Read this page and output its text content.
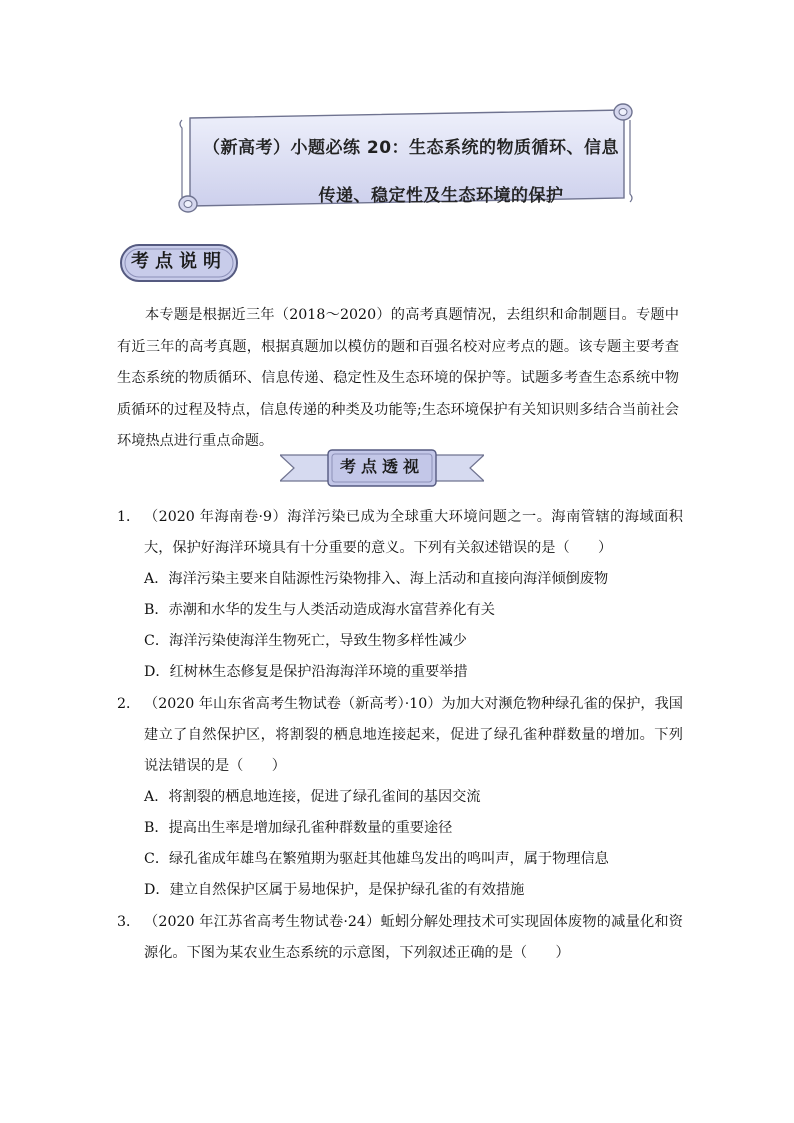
（新高考）小题必练 20：生态系统的物质循环、信息
传递、稳定性及生态环境的保护
考点说明

本专题是根据近三年（2018～2020）的高考真题情况，去组织和命制题目。专题中有近三年的高考真题，根据真题加以模仿的题和百强名校对应考点的题。该专题主要考查生态系统的物质循环、信息传递、稳定性及生态环境的保护等。试题多考查生态系统中物质循环的过程及特点，信息传递的种类及功能等;生态环境保护有关知识则多结合当前社会环境热点进行重点命题。

考点透视
1． （2020 年海南卷·9）海洋污染已成为全球重大环境问题之一。海南管辖的海域面积大，保护好海洋环境具有十分重要的意义。下列有关叙述错误的是（　　）
A．海洋污染主要来自陆源性污染物排入、海上活动和直接向海洋倾倒废物
B．赤潮和水华的发生与人类活动造成海水富营养化有关
C．海洋污染使海洋生物死亡，导致生物多样性减少
D．红树林生态修复是保护沿海海洋环境的重要举措
2． （2020 年山东省高考生物试卷（新高考）·10）为加大对濒危物种绿孔雀的保护，我国建立了自然保护区，将割裂的栖息地连接起来，促进了绿孔雀种群数量的增加。下列说法错误的是（　　）
A．将割裂的栖息地连接，促进了绿孔雀间的基因交流
B．提高出生率是增加绿孔雀种群数量的重要途径
C．绿孔雀成年雄鸟在繁殖期为驱赶其他雄鸟发出的鸣叫声，属于物理信息
D．建立自然保护区属于易地保护，是保护绿孔雀的有效措施
3． （2020 年江苏省高考生物试卷·24）蚯蚓分解处理技术可实现固体废物的减量化和资源化。下图为某农业生态系统的示意图，下列叙述正确的是（　　）
